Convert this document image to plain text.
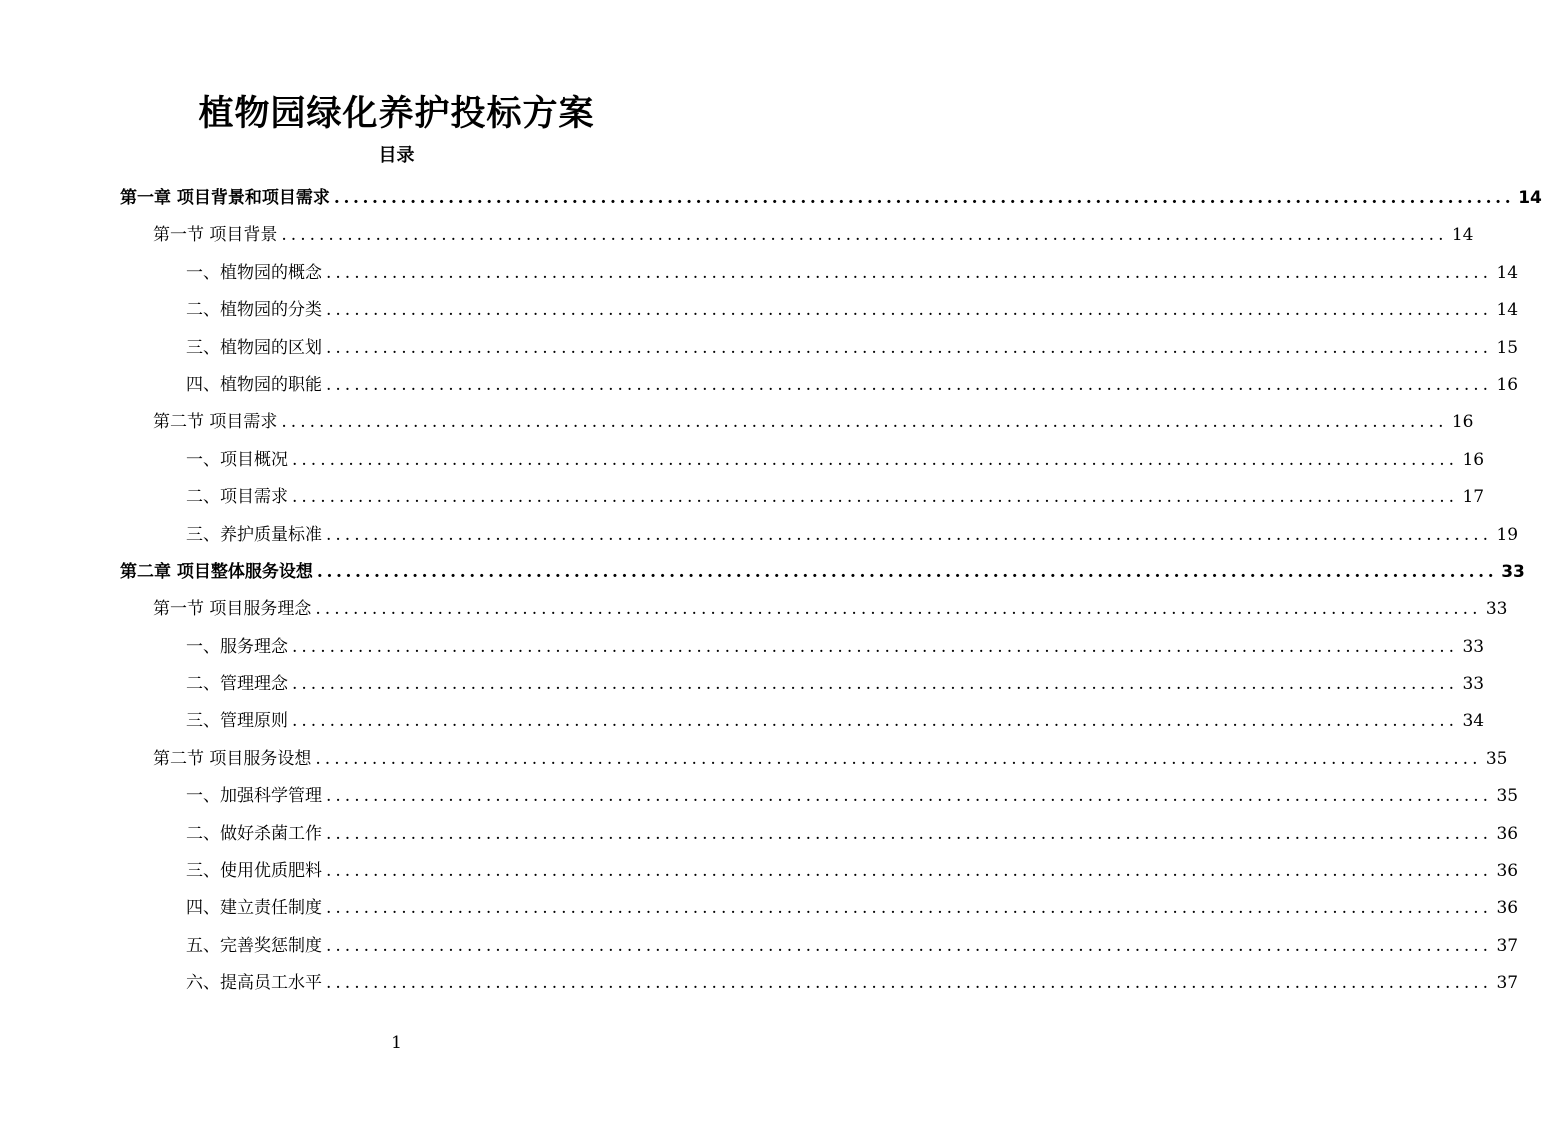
植物园绿化养护投标方案
目录
第一章 项目背景和项目需求 ............................................................................................................................ 14
第一节 项目背景 ............................................................................................................................ 14
一、植物园的概念 ............................................................................................................................ 14
二、植物园的分类 ............................................................................................................................ 14
三、植物园的区划 ............................................................................................................................ 15
四、植物园的职能 ............................................................................................................................ 16
第二节 项目需求 ............................................................................................................................ 16
一、项目概况 ............................................................................................................................ 16
二、项目需求 ............................................................................................................................ 17
三、养护质量标准 ............................................................................................................................ 19
第二章 项目整体服务设想 ............................................................................................................................ 33
第一节 项目服务理念 ............................................................................................................................ 33
一、服务理念 ............................................................................................................................ 33
二、管理理念 ............................................................................................................................ 33
三、管理原则 ............................................................................................................................ 34
第二节 项目服务设想 ............................................................................................................................ 35
一、加强科学管理 ............................................................................................................................ 35
二、做好杀菌工作 ............................................................................................................................ 36
三、使用优质肥料 ............................................................................................................................ 36
四、建立责任制度 ............................................................................................................................ 36
五、完善奖惩制度 ............................................................................................................................ 37
六、提高员工水平 ............................................................................................................................ 37
1
